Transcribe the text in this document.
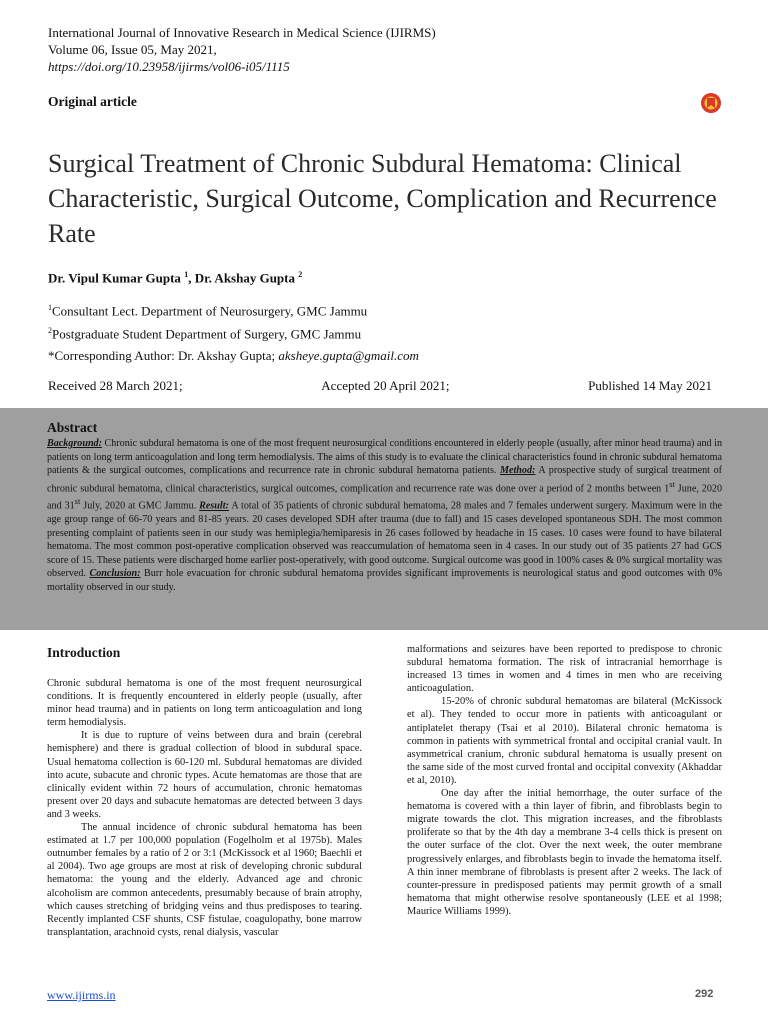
International Journal of Innovative Research in Medical Science (IJIRMS)
Volume 06, Issue 05, May 2021,
https://doi.org/10.23958/ijirms/vol06-i05/1115
Original article
Surgical Treatment of Chronic Subdural Hematoma: Clinical Characteristic, Surgical Outcome, Complication and Recurrence Rate
Dr. Vipul Kumar Gupta $^1$, Dr. Akshay Gupta $^2$
$^1$Consultant Lect. Department of Neurosurgery, GMC Jammu
$^2$Postgraduate Student Department of Surgery, GMC Jammu
*Corresponding Author: Dr. Akshay Gupta; aksheye.gupta@gmail.com
Received 28 March 2021;	Accepted 20 April 2021;	Published 14 May 2021
Abstract

Background: Chronic subdural hematoma is one of the most frequent neurosurgical conditions encountered in elderly people (usually, after minor head trauma) and in patients on long term anticoagulation and long term hemodialysis. The aims of this study is to evaluate the clinical characteristics found in chronic subdural hematoma patients & the surgical outcomes, complications and recurrence rate in chronic subdural hematoma patients. Method: A prospective study of surgical treatment of chronic subdural hematoma, clinical characteristics, surgical outcomes, complication and recurrence rate was done over a period of 2 months between 1st June, 2020 and 31st July, 2020 at GMC Jammu. Result: A total of 35 patients of chronic subdural hematoma, 28 males and 7 females underwent surgery. Maximum were in the age group range of 66-70 years and 81-85 years. 20 cases developed SDH after trauma (due to fall) and 15 cases developed spontaneous SDH. The most common presenting complaint of patients seen in our study was hemiplegia/hemiparesis in 26 cases followed by headache in 15 cases. 10 cases were found to have bilateral hematoma. The most common post-operative complication observed was reaccumulation of hematoma seen in 4 cases. In our study out of 35 patients 27 had GCS score of 15. These patients were discharged home earlier post-operatively, with good outcome. Surgical outcome was good in 100% cases & 0% surgical mortality was observed. Conclusion: Burr hole evacuation for chronic subdural hematoma provides significant improvements is neurological status and good outcomes with 0% mortality observed in our study.

Introduction

Chronic subdural hematoma is one of the most frequent neurosurgical conditions. It is frequently encountered in elderly people (usually, after minor head trauma) and in patients on long term anticoagulation and long term hemodialysis.

It is due to rupture of veins between dura and brain (cerebral hemisphere) and there is gradual collection of blood in subdural space. Usual hematoma collection is 60-120 ml. Subdural hematomas are divided into acute, subacute and chronic types. Acute hematomas are those that are clinically evident within 72 hours of accumulation, chronic hematomas present over 20 days and subacute hematomas are detected between 3 days and 3 weeks.

The annual incidence of chronic subdural hematoma has been estimated at 1.7 per 100,000 population (Fogelholm et al 1975b). Males outnumber females by a ratio of 2 or 3:1 (McKissock et al 1960; Baechli et al 2004). Two age groups are most at risk of developing chronic subdural hematoma: the young and the elderly. Advanced age and chronic alcoholism are common antecedents, presumably because of brain atrophy, which causes stretching of bridging veins and thus predisposes to tearing. Recently implanted CSF shunts, CSF fistulae, coagulopathy, bone marrow transplantation, arachnoid cysts, renal dialysis, vascular

malformations and seizures have been reported to predispose to chronic subdural hematoma formation. The risk of intracranial hemorrhage is increased 13 times in women and 4 times in men who are receiving anticoagulation.

15-20% of chronic subdural hematomas are bilateral (McKissock et al). They tended to occur more in patients with anticoagulant or antiplatelet therapy (Tsai et al 2010). Bilateral chronic hematoma is common in patients with symmetrical frontal and occipital cranial vault. In asymmetrical cranium, chronic subdural hematoma is usually present on the same side of the most curved frontal and occipital convexity (Akhaddar et al, 2010).

One day after the initial hemorrhage, the outer surface of the hematoma is covered with a thin layer of fibrin, and fibroblasts begin to migrate towards the clot. This migration increases, and the fibroblasts proliferate so that by the 4th day a membrane 3-4 cells thick is present on the outer surface of the clot. Over the next week, the outer membrane progressively enlarges, and fibroblasts begin to invade the hematoma itself. A thin inner membrane of fibroblasts is present after 2 weeks. The lack of counter-pressure in predisposed patients may permit growth of a small hematoma that might otherwise resolve spontaneously (LEE et al 1998; Maurice Williams 1999).

www.ijirms.in	292
